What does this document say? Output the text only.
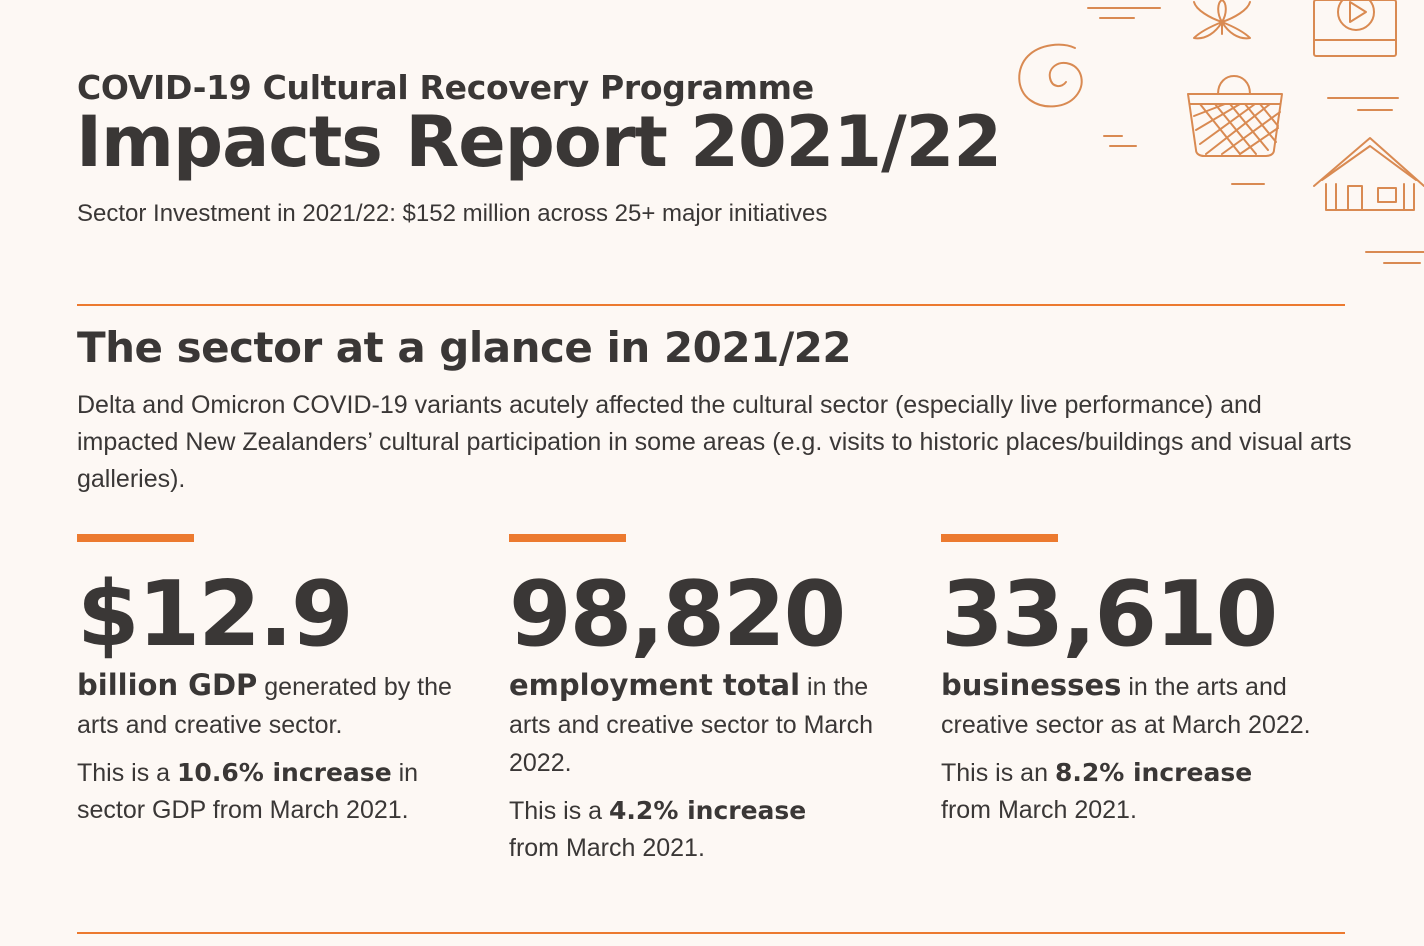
COVID-19 Cultural Recovery Programme
Impacts Report 2021/22
Sector Investment in 2021/22: $152 million across 25+ major initiatives
The sector at a glance in 2021/22

Delta and Omicron COVID-19 variants acutely affected the cultural sector (especially live performance) and impacted New Zealanders’ cultural participation in some areas (e.g. visits to historic places/buildings and visual arts galleries).

$12.9

billion GDP generated by the arts and creative sector.

This is a 10.6% increase in sector GDP from March 2021.

98,820

employment total in the arts and creative sector to March 2022.

This is a 4.2% increase
from March 2021.

33,610

businesses in the arts and creative sector as at March 2022.

This is an 8.2% increase
from March 2021.
